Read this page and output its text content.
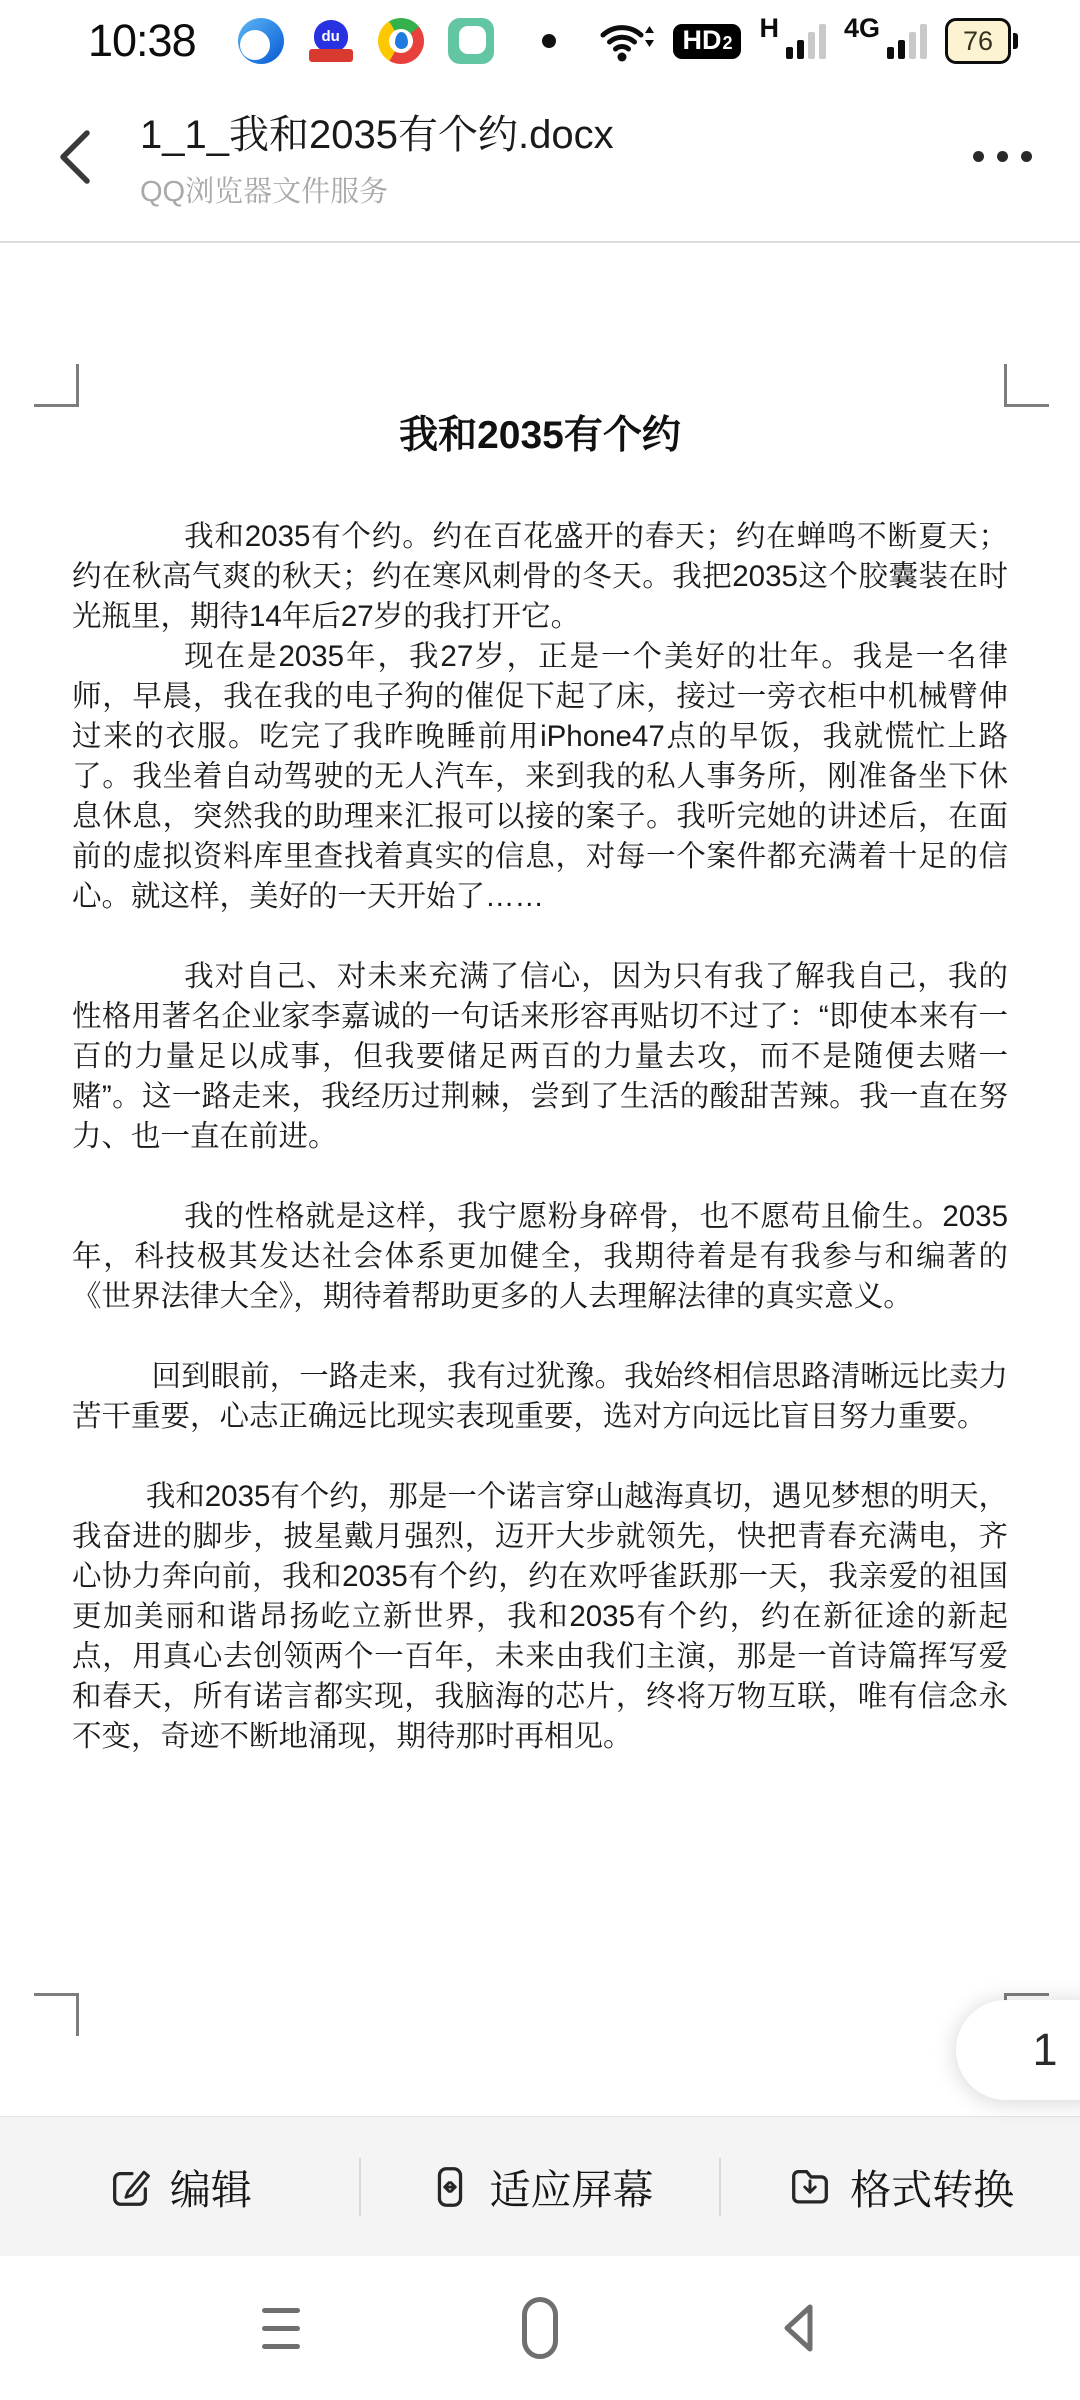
10:38	du	HD 2 H 4G	76
1_1_我和2035有个约.docx
QQ浏览器文件服务
我和2035有个约

我和2035有个约。约在百花盛开的春天；约在蝉鸣不断夏天；约在秋高气爽的秋天；约在寒风刺骨的冬天。我把2035这个胶囊装在时光瓶里，期待14年后27岁的我打开它。

现在是2035年，我27岁，正是一个美好的壮年。我是一名律师，早晨，我在我的电子狗的催促下起了床，接过一旁衣柜中机械臂伸过来的衣服。吃完了我昨晚睡前用iPhone47点的早饭，我就慌忙上路了。我坐着自动驾驶的无人汽车，来到我的私人事务所，刚准备坐下休息休息，突然我的助理来汇报可以接的案子。我听完她的讲述后，在面前的虚拟资料库里查找着真实的信息，对每一个案件都充满着十足的信心。就这样，美好的一天开始了……

我对自己、对未来充满了信心，因为只有我了解我自己，我的性格用著名企业家李嘉诚的一句话来形容再贴切不过了：“即使本来有一百的力量足以成事，但我要储足两百的力量去攻，而不是随便去赌一赌”。这一路走来，我经历过荆棘，尝到了生活的酸甜苦辣。我一直在努力、也一直在前进。

我的性格就是这样，我宁愿粉身碎骨，也不愿苟且偷生。2035年，科技极其发达社会体系更加健全，我期待着是有我参与和编著的《世界法律大全》，期待着帮助更多的人去理解法律的真实意义。

回到眼前，一路走来，我有过犹豫。我始终相信思路清晰远比卖力苦干重要，心志正确远比现实表现重要，选对方向远比盲目努力重要。

我和2035有个约，那是一个诺言穿山越海真切，遇见梦想的明天，我奋进的脚步，披星戴月强烈，迈开大步就领先，快把青春充满电，齐心协力奔向前，我和2035有个约，约在欢呼雀跃那一天，我亲爱的祖国更加美丽和谐昂扬屹立新世界，我和2035有个约，约在新征途的新起点，用真心去创领两个一百年，未来由我们主演，那是一首诗篇挥写爱和春天，所有诺言都实现，我脑海的芯片，终将万物互联，唯有信念永不变，奇迹不断地涌现，期待那时再相见。

1
编辑	适应屏幕	格式转换
